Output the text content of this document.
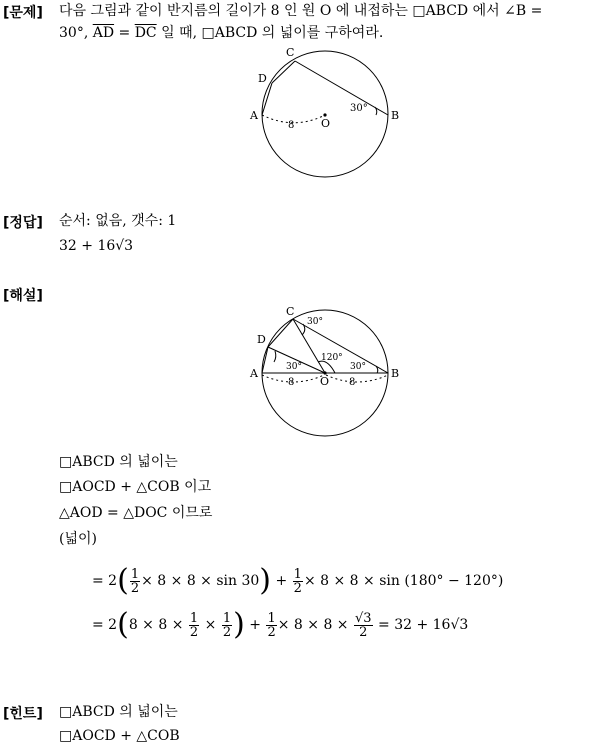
[문제] 다음 그림과 같이 반지름의 길이가 8 인 원 O 에 내접하는 □ABCD 에서 ∠B =
30°, $\overline{AD} = \overline{DC}$ 일 때, □ABCD 의 넓이를 구하여라.
C
D
A	B
O
8
30°
[정답] 순서: 없음, 갯수: 1
32 + 16√3
[해설]
C
D
A	B
O
30°
120°
30°	30°
8	8
□ABCD 의 넓이는
□AOCD + △COB 이고
△AOD = △DOC 이므로
(넓이)
= $2( \frac{1}{2} \times 8 \times 8 \times \sin 30) + \frac{1}{2} \times 8 \times 8 \times \sin (180^\circ - 120^\circ)$
= $2(8 \times 8 \times \frac{1}{2} \times \frac{1}{2}$ ) + $\frac{1}{2} \times 8 \times 8 \times \frac{√3}{2} = 32 + 16√3$
[힌트] □ABCD 의 넓이는
□AOCD + △COB
